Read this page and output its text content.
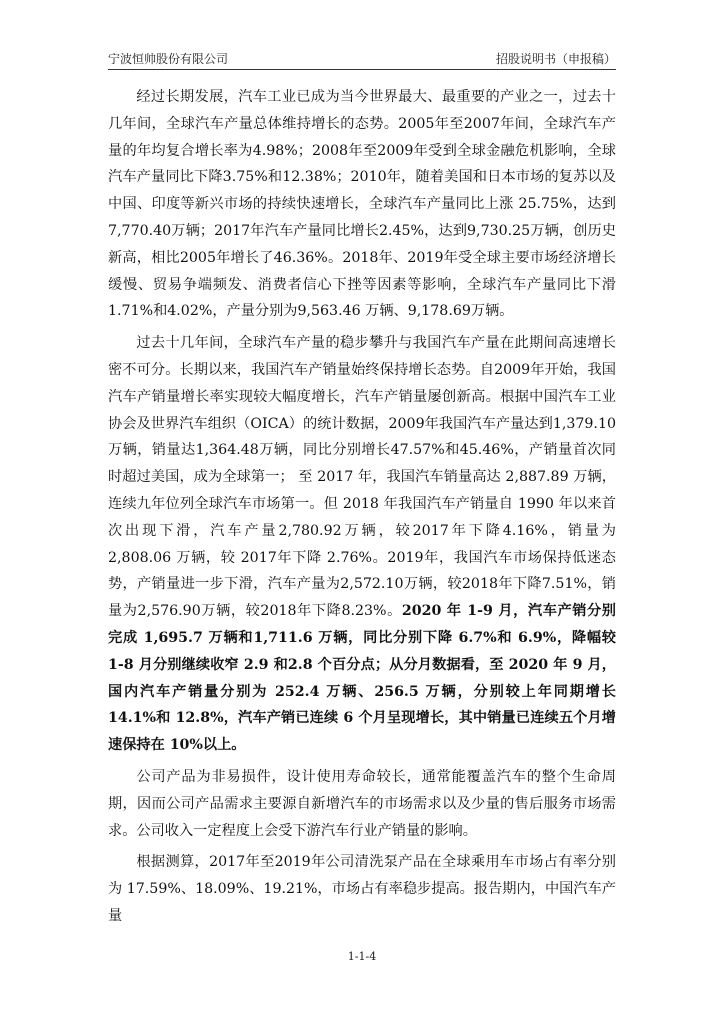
宁波恒帅股份有限公司	招股说明书（申报稿）

经过长期发展，汽车工业已成为当今世界最大、最重要的产业之一，过去十几年间，全球汽车产量总体维持增长的态势。2005年至2007年间，全球汽车产量的年均复合增长率为4.98%；2008年至2009年受到全球金融危机影响，全球汽车产量同比下降3.75%和12.38%；2010年，随着美国和日本市场的复苏以及中国、印度等新兴市场的持续快速增长，全球汽车产量同比上涨 25.75%，达到7,770.40万辆；2017年汽车产量同比增长2.45%，达到9,730.25万辆，创历史新高，相比2005年增长了46.36%。2018年、2019年受全球主要市场经济增长缓慢、贸易争端频发、消费者信心下挫等因素等影响，全球汽车产量同比下滑 1.71%和4.02%，产量分别为9,563.46 万辆、9,178.69万辆。

过去十几年间，全球汽车产量的稳步攀升与我国汽车产量在此期间高速增长密不可分。长期以来，我国汽车产销量始终保持增长态势。自2009年开始，我国汽车产销量增长率实现较大幅度增长，汽车产销量屡创新高。根据中国汽车工业协会及世界汽车组织（OICA）的统计数据，2009年我国汽车产量达到1,379.10万辆，销量达1,364.48万辆，同比分别增长47.57%和45.46%，产销量首次同时超过美国，成为全球第一； 至 2017 年，我国汽车销量高达 2,887.89 万辆，连续九年位列全球汽车市场第一。但 2018 年我国汽车产销量自 1990 年以来首次出现下滑，汽车产量2,780.92万辆，较2017年下降4.16%，销量为 2,808.06 万辆，较 2017年下降 2.76%。2019年，我国汽车市场保持低迷态势，产销量进一步下滑，汽车产量为2,572.10万辆，较2018年下降7.51%，销量为2,576.90万辆，较2018年下降8.23%。2020 年 1-9 月，汽车产销分别完成 1,695.7 万辆和1,711.6 万辆，同比分别下降 6.7%和 6.9%，降幅较 1-8 月分别继续收窄 2.9 和2.8 个百分点；从分月数据看，至 2020 年 9 月，国内汽车产销量分别为 252.4 万辆、256.5 万辆，分别较上年同期增长 14.1%和 12.8%，汽车产销已连续 6 个月呈现增长，其中销量已连续五个月增速保持在 10%以上。

公司产品为非易损件，设计使用寿命较长，通常能覆盖汽车的整个生命周期，因而公司产品需求主要源自新增汽车的市场需求以及少量的售后服务市场需求。公司收入一定程度上会受下游汽车行业产销量的影响。

根据测算，2017年至2019年公司清洗泵产品在全球乘用车市场占有率分别为 17.59%、18.09%、19.21%，市场占有率稳步提高。报告期内，中国汽车产量

1-1-4
